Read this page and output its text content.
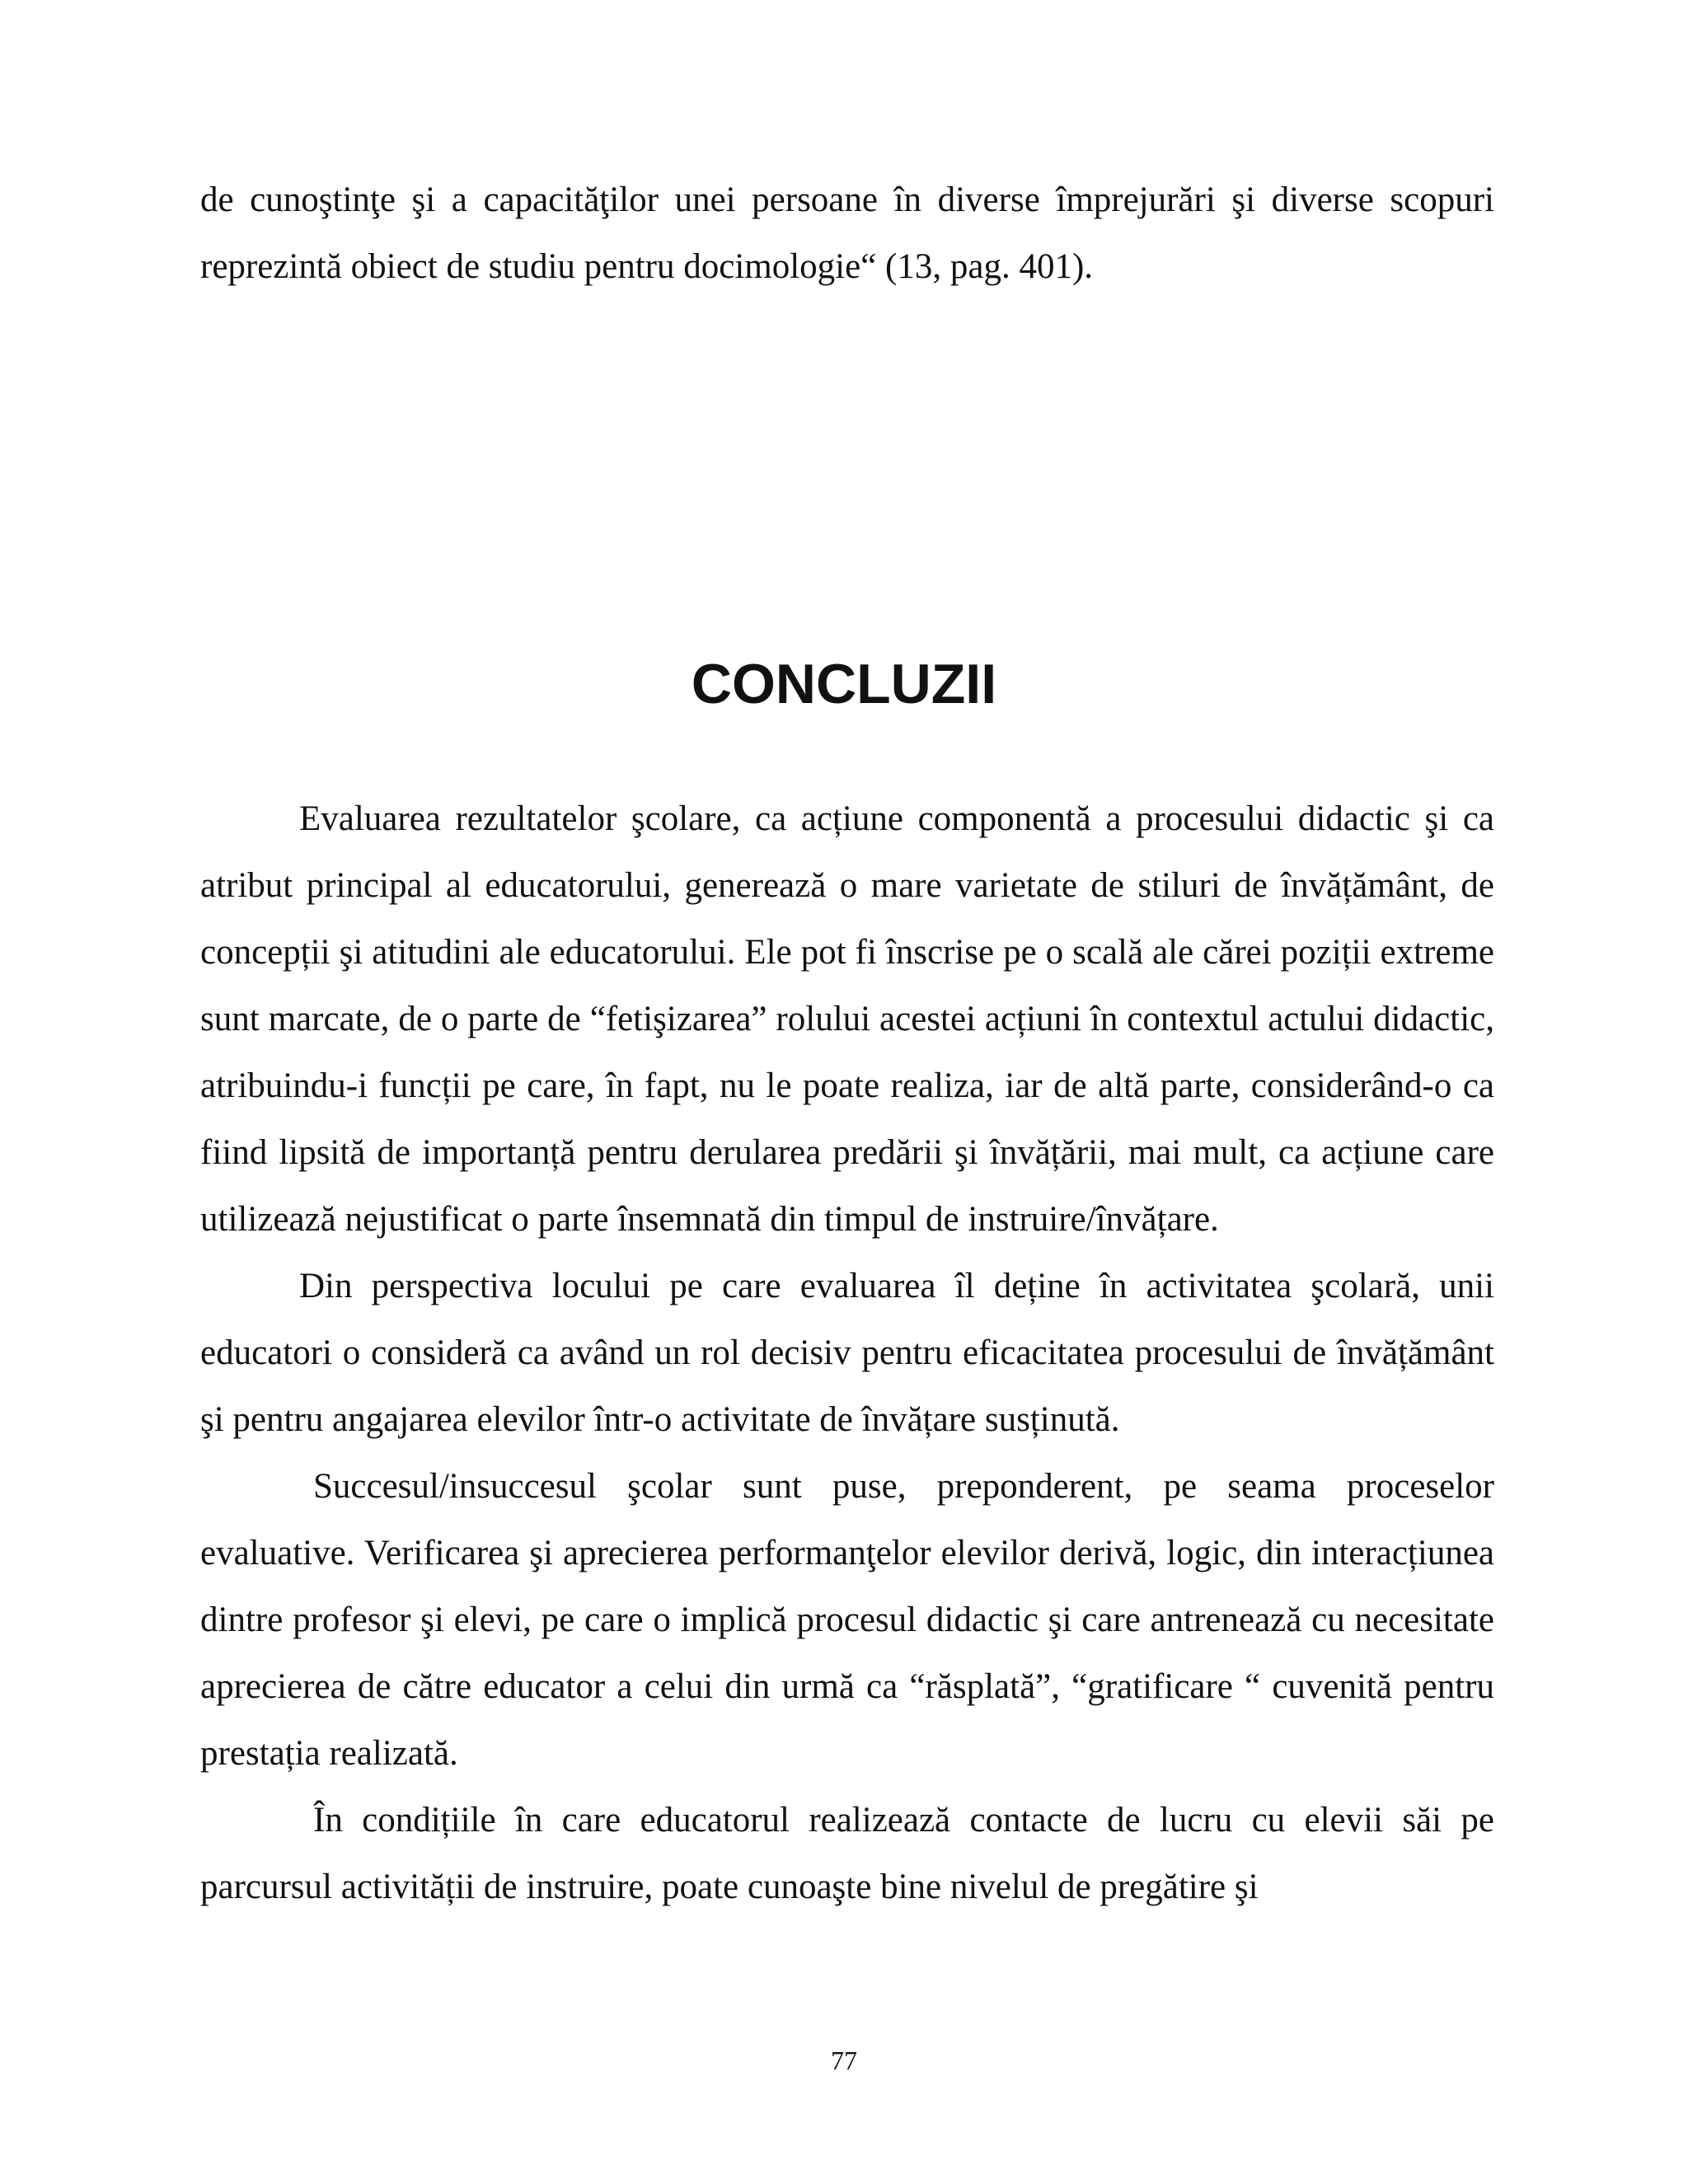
de cunoştinţe şi a capacităţilor unei persoane în diverse împrejurări şi diverse scopuri reprezintă obiect de studiu pentru docimologie“ (13, pag. 401).

CONCLUZII

Evaluarea rezultatelor şcolare, ca acțiune componentă a procesului didactic şi ca atribut principal al educatorului, generează o mare varietate de stiluri de învățământ, de concepții şi atitudini ale educatorului. Ele pot fi înscrise pe o scală ale cărei poziții extreme sunt marcate, de o parte de “fetişizarea” rolului acestei acțiuni în contextul actului didactic, atribuindu-i funcții pe care, în fapt, nu le poate realiza, iar de altă parte, considerând-o ca fiind lipsită de importanță pentru derularea predării şi învățării, mai mult, ca acțiune care utilizează nejustificat o parte însemnată din timpul de instruire/învățare.

Din perspectiva locului pe care evaluarea îl deține în activitatea şcolară, unii educatori o consideră ca având un rol decisiv pentru eficacitatea procesului de învățământ şi pentru angajarea elevilor într-o activitate de învățare susținută.

Succesul/insuccesul şcolar sunt puse, preponderent, pe seama proceselor evaluative. Verificarea şi aprecierea performanţelor elevilor derivă, logic, din interacțiunea dintre profesor şi elevi, pe care o implică procesul didactic şi care antrenează cu necesitate aprecierea de către educator a celui din urmă ca “răsplată”, “gratificare “ cuvenită pentru prestația realizată.

În condițiile în care educatorul realizează contacte de lucru cu elevii săi pe parcursul activității de instruire, poate cunoaşte bine nivelul de pregătire şi

77
